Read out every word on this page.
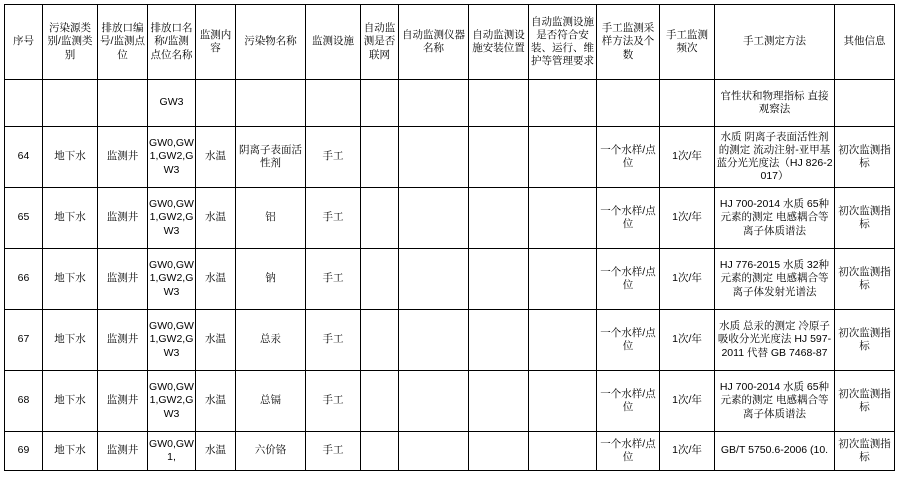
序号	污染源类别/监测类别	排放口编号/监测点位	排放口名称/监测点位名称	监测内容	污染物名称	监测设施	自动监测是否联网	自动监测仪器名称	自动监测设施安装位置	自动监测设施是否符合安装、运行、维护等管理要求	手工监测采样方法及个数	手工监测频次	手工测定方法	其他信息
			GW3										官性状和物理指标 直接观察法	
64	地下水	监测井	GW0,GW1,GW2,GW3	水温	阴离子表面活性剂	手工					一个水样/点位	1次/年	水质 阴离子表面活性剂的测定 流动注射-亚甲基蓝分光光度法（HJ 826-2017）	初次监测指标
65	地下水	监测井	GW0,GW1,GW2,GW3	水温	铝	手工					一个水样/点位	1次/年	HJ 700-2014 水质 65种元素的测定 电感耦合等离子体质谱法	初次监测指标
66	地下水	监测井	GW0,GW1,GW2,GW3	水温	钠	手工					一个水样/点位	1次/年	HJ 776-2015 水质 32种元素的测定 电感耦合等离子体发射光谱法	初次监测指标
67	地下水	监测井	GW0,GW1,GW2,GW3	水温	总汞	手工					一个水样/点位	1次/年	水质 总汞的测定 冷原子吸收分光光度法 HJ 597-2011 代替 GB 7468-87	初次监测指标
68	地下水	监测井	GW0,GW1,GW2,GW3	水温	总镉	手工					一个水样/点位	1次/年	HJ 700-2014 水质 65种元素的测定 电感耦合等离子体质谱法	初次监测指标
69	地下水	监测井	GW0,GW1,	水温	六价铬	手工					一个水样/点位	1次/年	GB/T 5750.6-2006 (10.	初次监测指标
